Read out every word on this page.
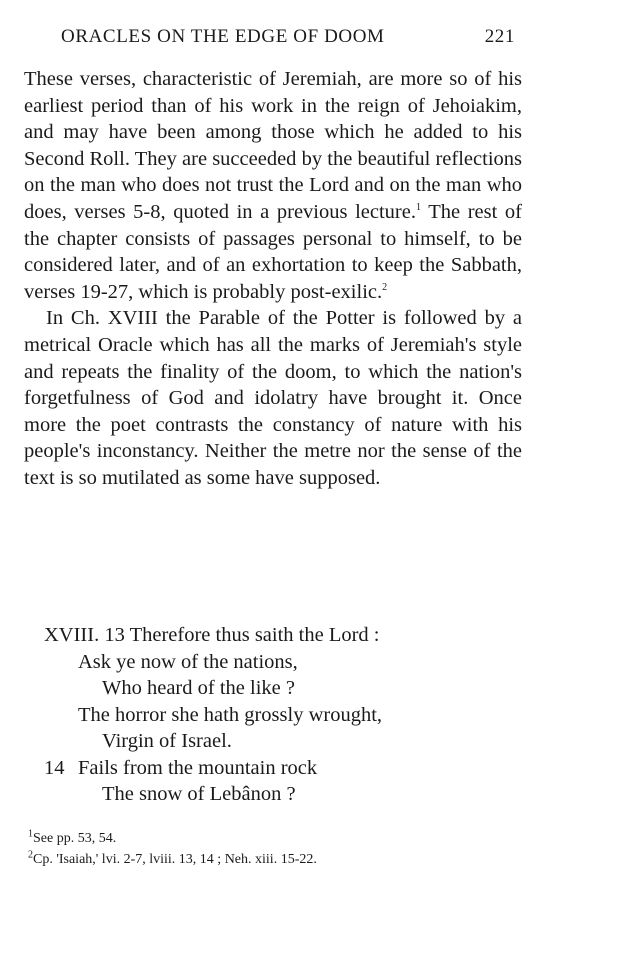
ORACLES ON THE EDGE OF DOOM	221

These verses, characteristic of Jeremiah, are more so of his earliest period than of his work in the reign of Jehoiakim, and may have been among those which he added to his Second Roll. They are succeeded by the beautiful reflections on the man who does not trust the Lord and on the man who does, verses 5-8, quoted in a previous lecture.$^1$ The rest of the chapter consists of passages personal to himself, to be considered later, and of an exhortation to keep the Sabbath, verses 19-27, which is probably post-exilic.$^2$

In Ch. XVIII the Parable of the Potter is followed by a metrical Oracle which has all the marks of Jeremiah's style and repeats the finality of the doom, to which the nation's forgetfulness of God and idolatry have brought it. Once more the poet contrasts the constancy of nature with his people's inconstancy. Neither the metre nor the sense of the text is so mutilated as some have supposed.

XVIII. 13 Therefore thus saith the Lord :
Ask ye now of the nations,
Who heard of the like ?
The horror she hath grossly wrought,
Virgin of Israel.
14 Fails from the mountain rock
The snow of Lebânon ?
$^1$See pp. 53, 54.
$^2$Cp. 'Isaiah,' lvi. 2-7, lviii. 13, 14 ; Neh. xiii. 15-22.
